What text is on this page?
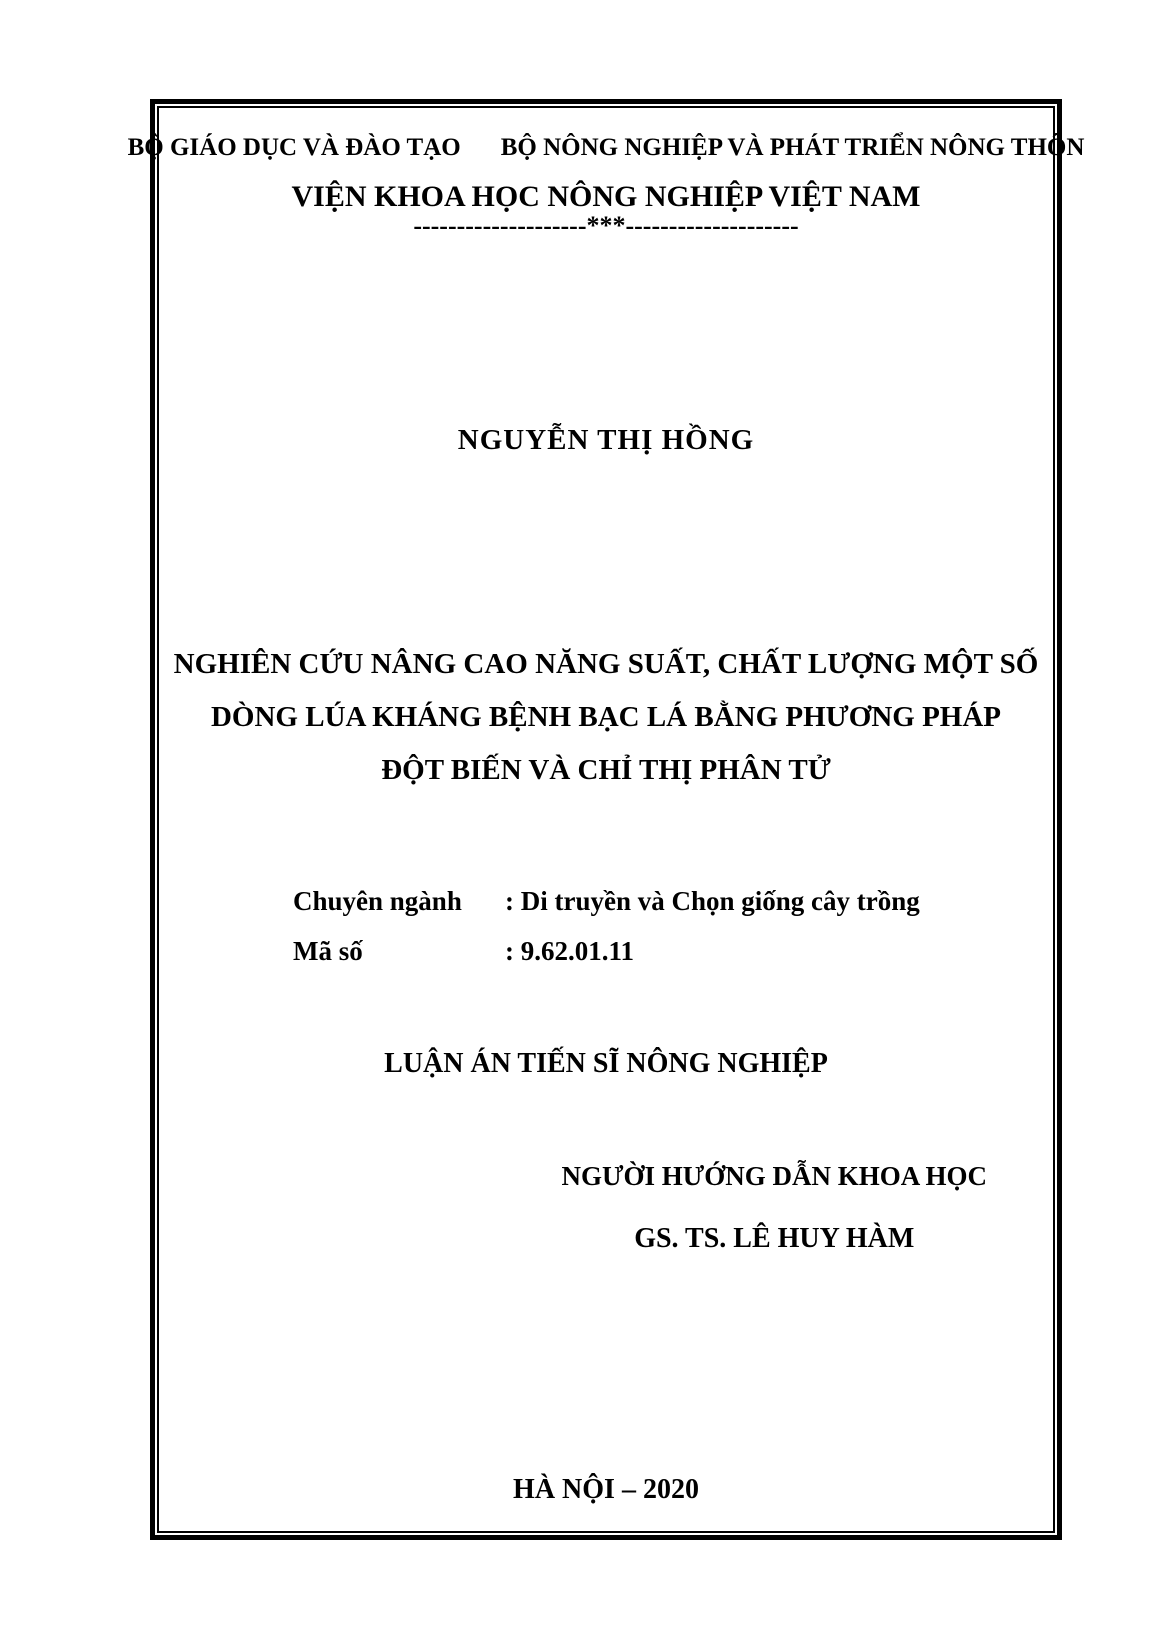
BỘ GIÁO DỤC VÀ ĐÀO TẠO BỘ NÔNG NGHIỆP VÀ PHÁT TRIỂN NÔNG THÔN
VIỆN KHOA HỌC NÔNG NGHIỆP VIỆT NAM
--------------------***--------------------
NGUYỄN THỊ HỒNG
NGHIÊN CỨU NÂNG CAO NĂNG SUẤT, CHẤT LƯỢNG MỘT SỐ
DÒNG LÚA KHÁNG BỆNH BẠC LÁ BẰNG PHƯƠNG PHÁP
ĐỘT BIẾN VÀ CHỈ THỊ PHÂN TỬ
Chuyên ngành : Di truyền và Chọn giống cây trồng
Mã số	: 9.62.01.11
LUẬN ÁN TIẾN SĨ NÔNG NGHIỆP
NGƯỜI HƯỚNG DẪN KHOA HỌC
GS. TS. LÊ HUY HÀM
HÀ NỘI – 2020
